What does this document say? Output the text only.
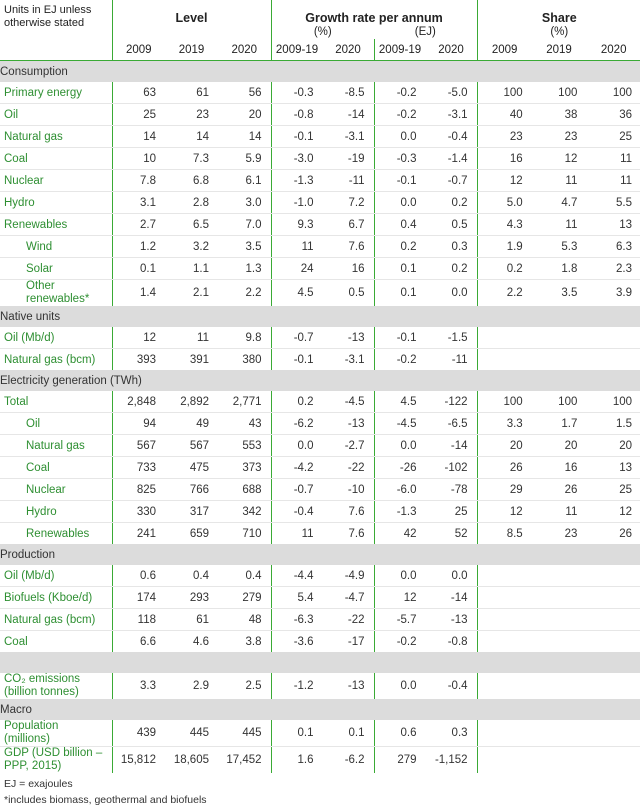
Units in EJ unless
otherwise stated	Level			Growth rate per annum				Share		
				(%)		(EJ)		(%)		
	2009	2019	2020	2009-19	2020	2009-19	2020	2009	2019	2020
Consumption										
Primary energy	63	61	56	-0.3	-8.5	-0.2	-5.0	100	100	100
Oil	25	23	20	-0.8	-14	-0.2	-3.1	40	38	36
Natural gas	14	14	14	-0.1	-3.1	0.0	-0.4	23	23	25
Coal	10	7.3	5.9	-3.0	-19	-0.3	-1.4	16	12	11
Nuclear	7.8	6.8	6.1	-1.3	-11	-0.1	-0.7	12	11	11
Hydro	3.1	2.8	3.0	-1.0	7.2	0.0	0.2	5.0	4.7	5.5
Renewables	2.7	6.5	7.0	9.3	6.7	0.4	0.5	4.3	11	13
Wind	1.2	3.2	3.5	11	7.6	0.2	0.3	1.9	5.3	6.3
Solar	0.1	1.1	1.3	24	16	0.1	0.2	0.2	1.8	2.3
Other
renewables*	1.4	2.1	2.2	4.5	0.5	0.1	0.0	2.2	3.5	3.9
Native units										
Oil (Mb/d)	12	11	9.8	-0.7	-13	-0.1	-1.5			
Natural gas (bcm)	393	391	380	-0.1	-3.1	-0.2	-11			
Electricity generation (TWh)										
Total	2,848	2,892	2,771	0.2	-4.5	4.5	-122	100	100	100
Oil	94	49	43	-6.2	-13	-4.5	-6.5	3.3	1.7	1.5
Natural gas	567	567	553	0.0	-2.7	0.0	-14	20	20	20
Coal	733	475	373	-4.2	-22	-26	-102	26	16	13
Nuclear	825	766	688	-0.7	-10	-6.0	-78	29	26	25
Hydro	330	317	342	-0.4	7.6	-1.3	25	12	11	12
Renewables	241	659	710	11	7.6	42	52	8.5	23	26
Production										
Oil (Mb/d)	0.6	0.4	0.4	-4.4	-4.9	0.0	0.0			
Biofuels (Kboe/d)	174	293	279	5.4	-4.7	12	-14			
Natural gas (bcm)	118	61	48	-6.3	-22	-5.7	-13			
Coal	6.6	4.6	3.8	-3.6	-17	-0.2	-0.8			

CO₂ emissions
(billion tonnes)	3.3	2.9	2.5	-1.2	-13	0.0	-0.4			
Macro										
Population
(millions)	439	445	445	0.1	0.1	0.6	0.3			
GDP (USD billion –
PPP, 2015)	15,812	18,605	17,452	1.6	-6.2	279	-1,152			
EJ = exajoules
*includes biomass, geothermal and biofuels
